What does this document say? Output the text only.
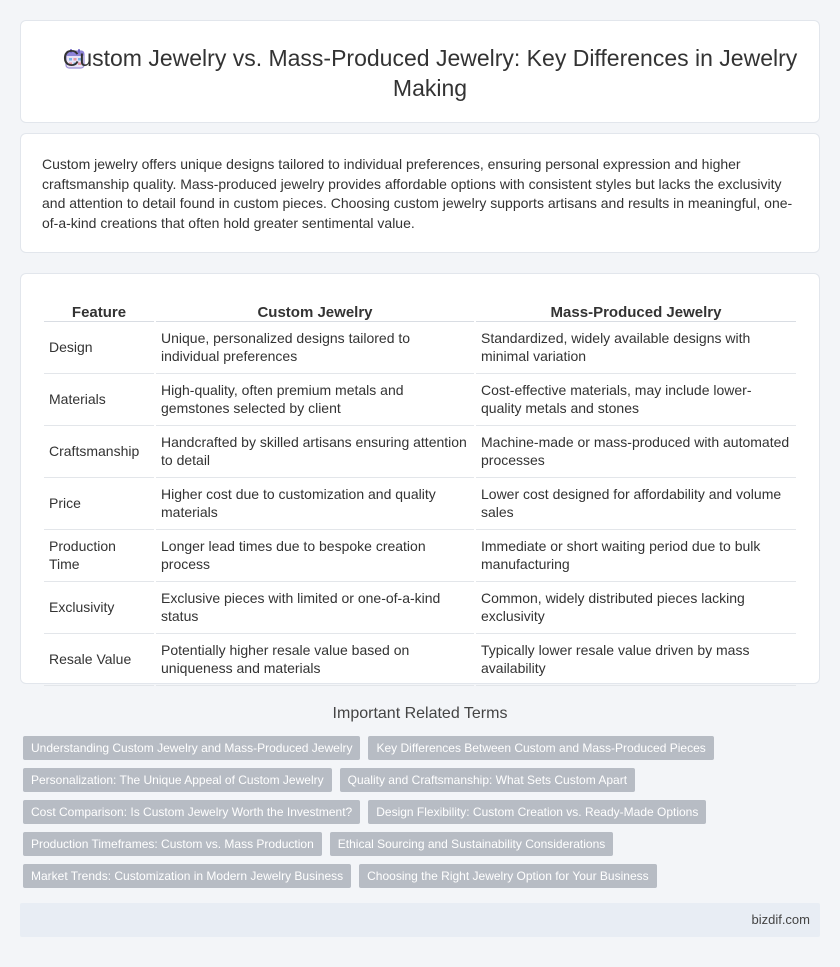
Custom Jewelry vs. Mass-Produced Jewelry: Key Differences in Jewelry Making

Custom jewelry offers unique designs tailored to individual preferences, ensuring personal expression and higher craftsmanship quality. Mass-produced jewelry provides affordable options with consistent styles but lacks the exclusivity and attention to detail found in custom pieces. Choosing custom jewelry supports artisans and results in meaningful, one-of-a-kind creations that often hold greater sentimental value.

Feature	Custom Jewelry	Mass-Produced Jewelry
Design	Unique, personalized designs tailored to individual preferences	Standardized, widely available designs with minimal variation
Materials	High-quality, often premium metals and gemstones selected by client	Cost-effective materials, may include lower-quality metals and stones
Craftsmanship	Handcrafted by skilled artisans ensuring attention to detail	Machine-made or mass-produced with automated processes
Price	Higher cost due to customization and quality materials	Lower cost designed for affordability and volume sales
Production Time	Longer lead times due to bespoke creation process	Immediate or short waiting period due to bulk manufacturing
Exclusivity	Exclusive pieces with limited or one-of-a-kind status	Common, widely distributed pieces lacking exclusivity
Resale Value	Potentially higher resale value based on uniqueness and materials	Typically lower resale value driven by mass availability
Important Related Terms
Understanding Custom Jewelry and Mass-Produced Jewelry	Key Differences Between Custom and Mass-Produced Pieces
Personalization: The Unique Appeal of Custom Jewelry	Quality and Craftsmanship: What Sets Custom Apart
Cost Comparison: Is Custom Jewelry Worth the Investment?	Design Flexibility: Custom Creation vs. Ready-Made Options
Production Timeframes: Custom vs. Mass Production	Ethical Sourcing and Sustainability Considerations
Market Trends: Customization in Modern Jewelry Business	Choosing the Right Jewelry Option for Your Business
bizdif.com
